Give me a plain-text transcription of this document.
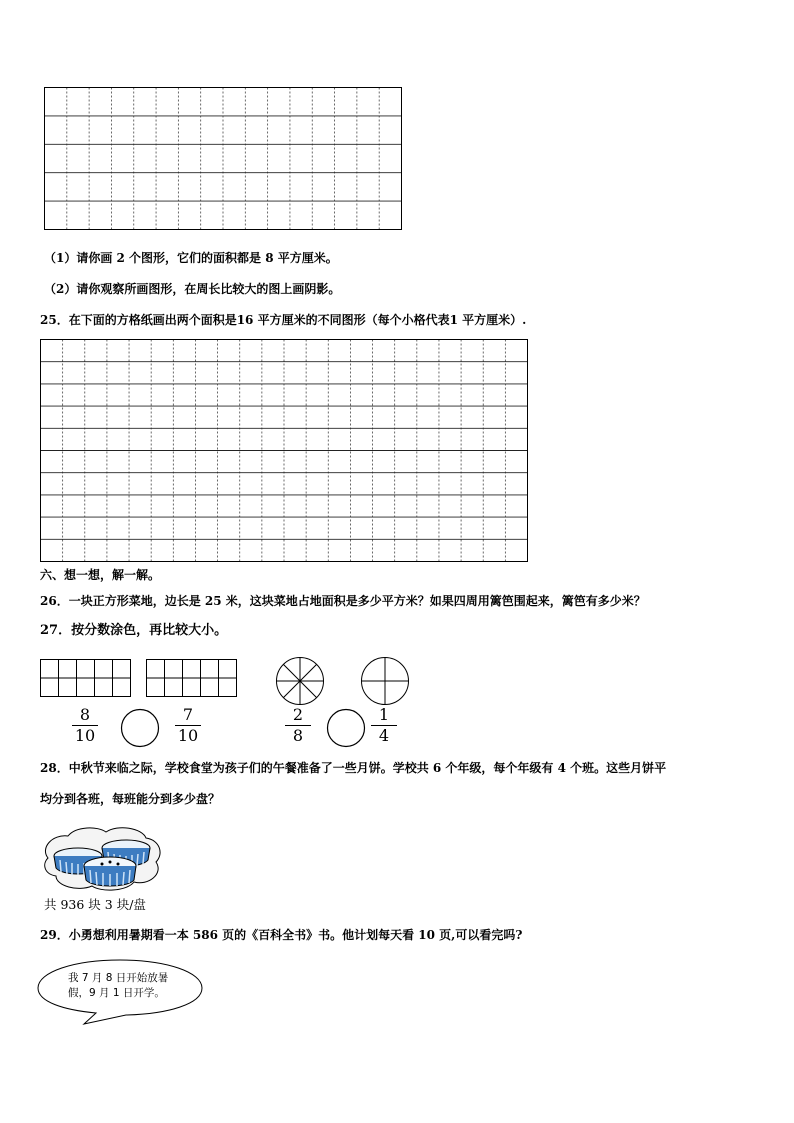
（1）请你画 2 个图形，它们的面积都是 8 平方厘米。
（2）请你观察所画图形，在周长比较大的图上画阴影。
25．在下面的方格纸画出两个面积是16 平方厘米的不同图形（每个小格代表1 平方厘米）.
六、想一想，解一解。
26．一块正方形菜地，边长是 25 米，这块菜地占地面积是多少平方米？如果四周用篱笆围起来，篱笆有多少米？
27．按分数涂色，再比较大小。
8
10
7
10
2
8
1
4
28．中秋节来临之际，学校食堂为孩子们的午餐准备了一些月饼。学校共 6 个年级，每个年级有 4 个班。这些月饼平
均分到各班，每班能分到多少盘？
共 936 块 3 块/盘
29．小勇想利用暑期看一本 586 页的《百科全书》书。他计划每天看 10 页,可以看完吗?
我 7 月 8 日开始放暑
假，9 月 1 日开学。
